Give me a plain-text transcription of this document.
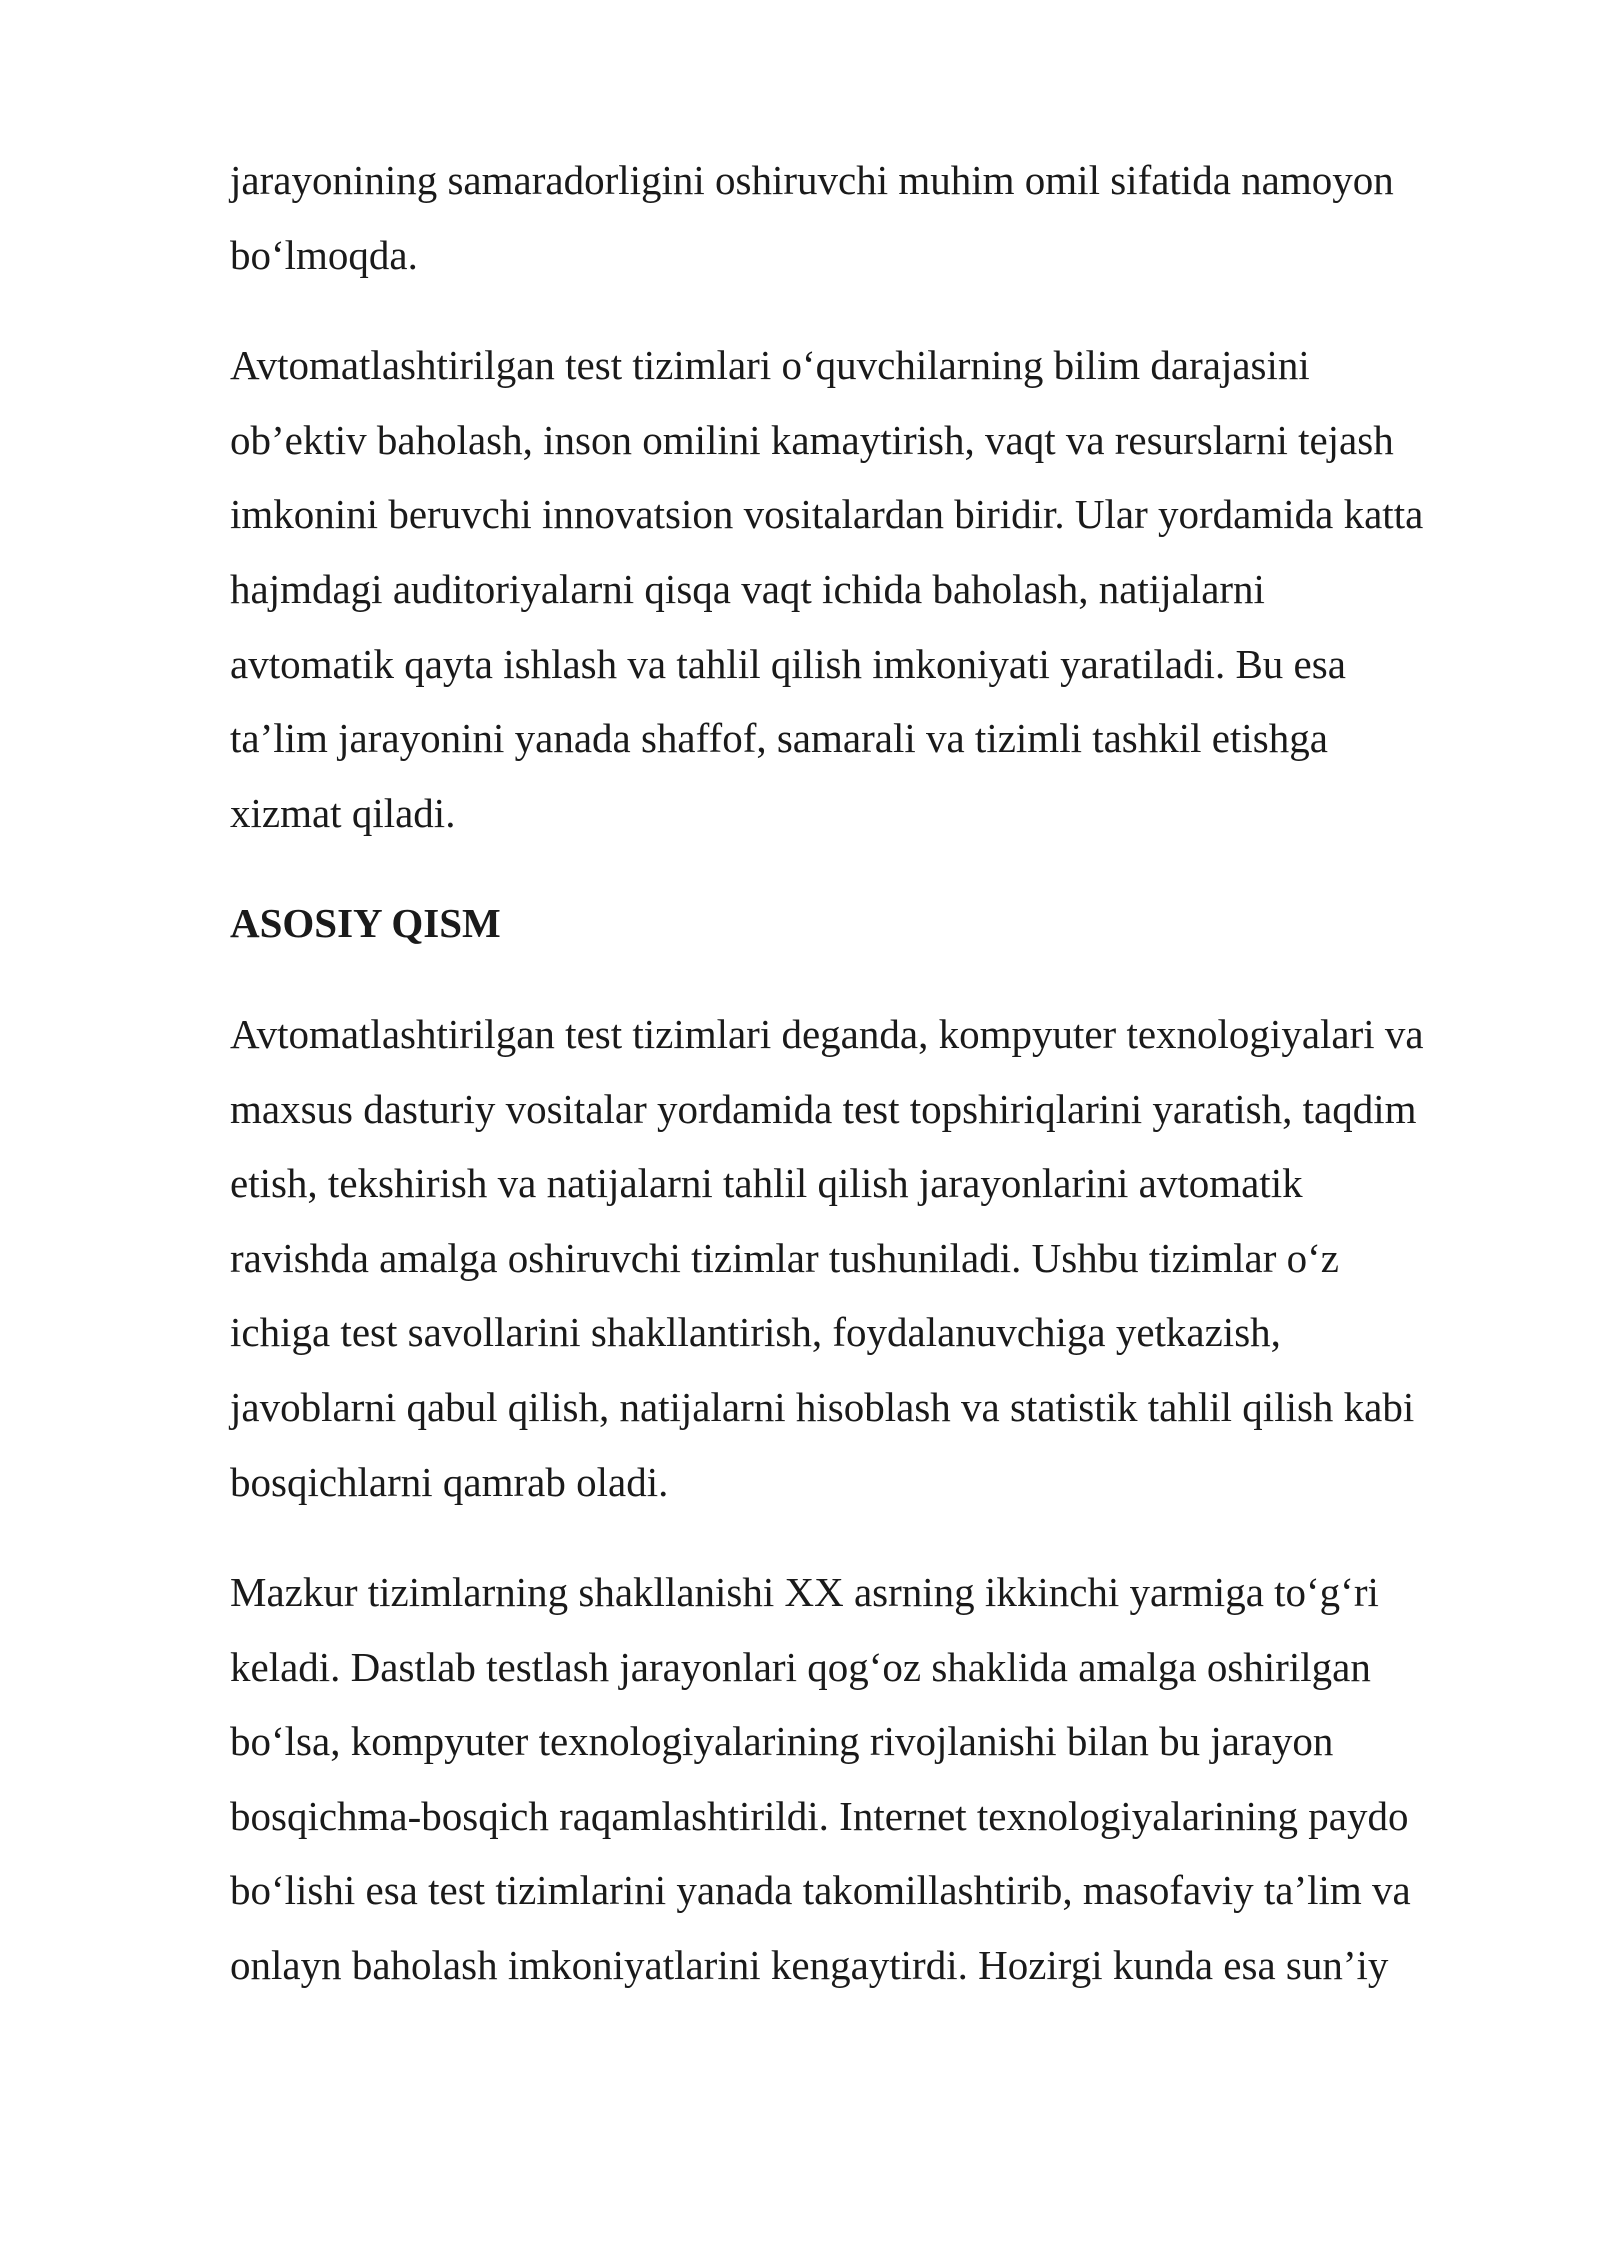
jarayonining samaradorligini oshiruvchi muhim omil sifatida namoyon
bo‘lmoqda.
Avtomatlashtirilgan test tizimlari o‘quvchilarning bilim darajasini
ob’ektiv baholash, inson omilini kamaytirish, vaqt va resurslarni tejash
imkonini beruvchi innovatsion vositalardan biridir. Ular yordamida katta
hajmdagi auditoriyalarni qisqa vaqt ichida baholash, natijalarni
avtomatik qayta ishlash va tahlil qilish imkoniyati yaratiladi. Bu esa
ta’lim jarayonini yanada shaffof, samarali va tizimli tashkil etishga
xizmat qiladi.
ASOSIY QISM
Avtomatlashtirilgan test tizimlari deganda, kompyuter texnologiyalari va
maxsus dasturiy vositalar yordamida test topshiriqlarini yaratish, taqdim
etish, tekshirish va natijalarni tahlil qilish jarayonlarini avtomatik
ravishda amalga oshiruvchi tizimlar tushuniladi. Ushbu tizimlar o‘z
ichiga test savollarini shakllantirish, foydalanuvchiga yetkazish,
javoblarni qabul qilish, natijalarni hisoblash va statistik tahlil qilish kabi
bosqichlarni qamrab oladi.
Mazkur tizimlarning shakllanishi XX asrning ikkinchi yarmiga to‘g‘ri
keladi. Dastlab testlash jarayonlari qog‘oz shaklida amalga oshirilgan
bo‘lsa, kompyuter texnologiyalarining rivojlanishi bilan bu jarayon
bosqichma-bosqich raqamlashtirildi. Internet texnologiyalarining paydo
bo‘lishi esa test tizimlarini yanada takomillashtirib, masofaviy ta’lim va
onlayn baholash imkoniyatlarini kengaytirdi. Hozirgi kunda esa sun’iy
